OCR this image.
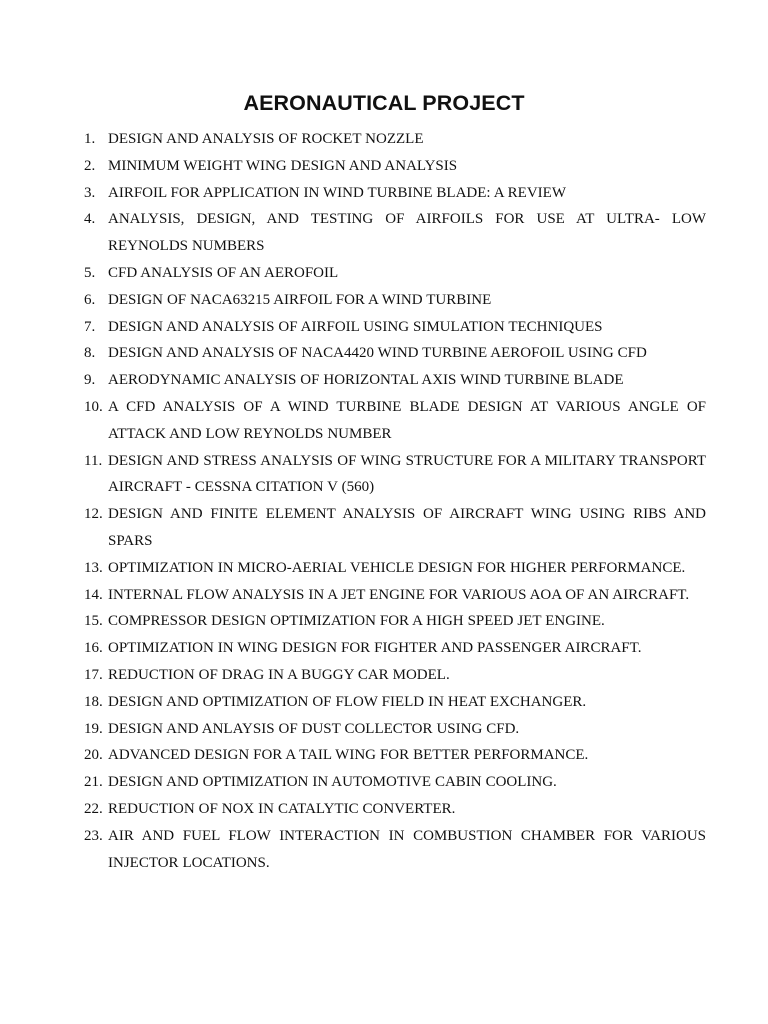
AERONAUTICAL PROJECT
1. DESIGN AND ANALYSIS OF ROCKET NOZZLE
2. MINIMUM WEIGHT WING DESIGN AND ANALYSIS
3. AIRFOIL FOR APPLICATION IN WIND TURBINE BLADE: A REVIEW
4. ANALYSIS, DESIGN, AND TESTING OF AIRFOILS FOR USE AT ULTRA- LOW REYNOLDS NUMBERS
5. CFD ANALYSIS OF AN AEROFOIL
6. DESIGN OF NACA63215 AIRFOIL FOR A WIND TURBINE
7. DESIGN AND ANALYSIS OF AIRFOIL USING SIMULATION TECHNIQUES
8. DESIGN AND ANALYSIS OF NACA4420 WIND TURBINE AEROFOIL USING CFD
9. AERODYNAMIC ANALYSIS OF HORIZONTAL AXIS WIND TURBINE BLADE
10. A CFD ANALYSIS OF A WIND TURBINE BLADE DESIGN AT VARIOUS ANGLE OF ATTACK AND LOW REYNOLDS NUMBER
11. DESIGN AND STRESS ANALYSIS OF WING STRUCTURE FOR A MILITARY TRANSPORT AIRCRAFT - CESSNA CITATION V (560)
12. DESIGN AND FINITE ELEMENT ANALYSIS OF AIRCRAFT WING USING RIBS AND SPARS
13. OPTIMIZATION IN MICRO-AERIAL VEHICLE DESIGN FOR HIGHER PERFORMANCE.
14. INTERNAL FLOW ANALYSIS IN A JET ENGINE FOR VARIOUS AOA OF AN AIRCRAFT.
15. COMPRESSOR DESIGN OPTIMIZATION FOR A HIGH SPEED JET ENGINE.
16. OPTIMIZATION IN WING DESIGN FOR FIGHTER AND PASSENGER AIRCRAFT.
17. REDUCTION OF DRAG IN A BUGGY CAR MODEL.
18. DESIGN AND OPTIMIZATION OF FLOW FIELD IN HEAT EXCHANGER.
19. DESIGN AND ANLAYSIS OF DUST COLLECTOR USING CFD.
20. ADVANCED DESIGN FOR A TAIL WING FOR BETTER PERFORMANCE.
21. DESIGN AND OPTIMIZATION IN AUTOMOTIVE CABIN COOLING.
22. REDUCTION OF NOX IN CATALYTIC CONVERTER.
23. AIR AND FUEL FLOW INTERACTION IN COMBUSTION CHAMBER FOR VARIOUS INJECTOR LOCATIONS.
